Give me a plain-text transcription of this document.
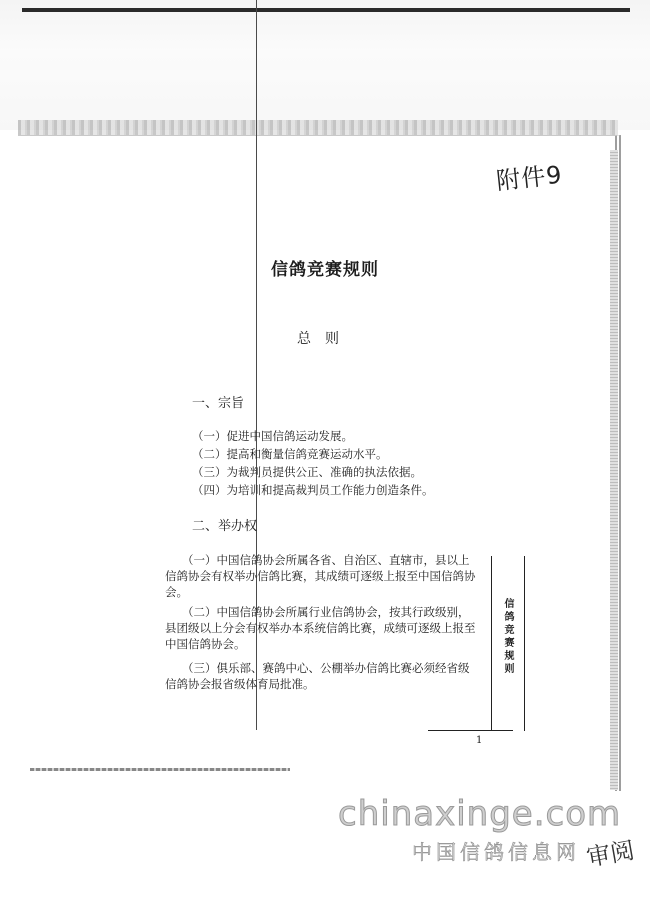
附件9
信鸽竞赛规则
总则
一、宗旨
（一）促进中国信鸽运动发展。
（二）提高和衡量信鸽竞赛运动水平。
（三）为裁判员提供公正、准确的执法依据。
（四）为培训和提高裁判员工作能力创造条件。
二、举办权
（一）中国信鸽协会所属各省、自治区、直辖市，县以上
信鸽协会有权举办信鸽比赛，其成绩可逐级上报至中国信鸽协
会。
（二）中国信鸽协会所属行业信鸽协会，按其行政级别，
县团级以上分会有权举办本系统信鸽比赛，成绩可逐级上报至
中国信鸽协会。
（三）俱乐部、赛鸽中心、公棚举办信鸽比赛必须经省级
信鸽协会报省级体育局批准。
信鸽竞赛规则
1
chinaxinge.com
中国信鸽信息网 审阅
